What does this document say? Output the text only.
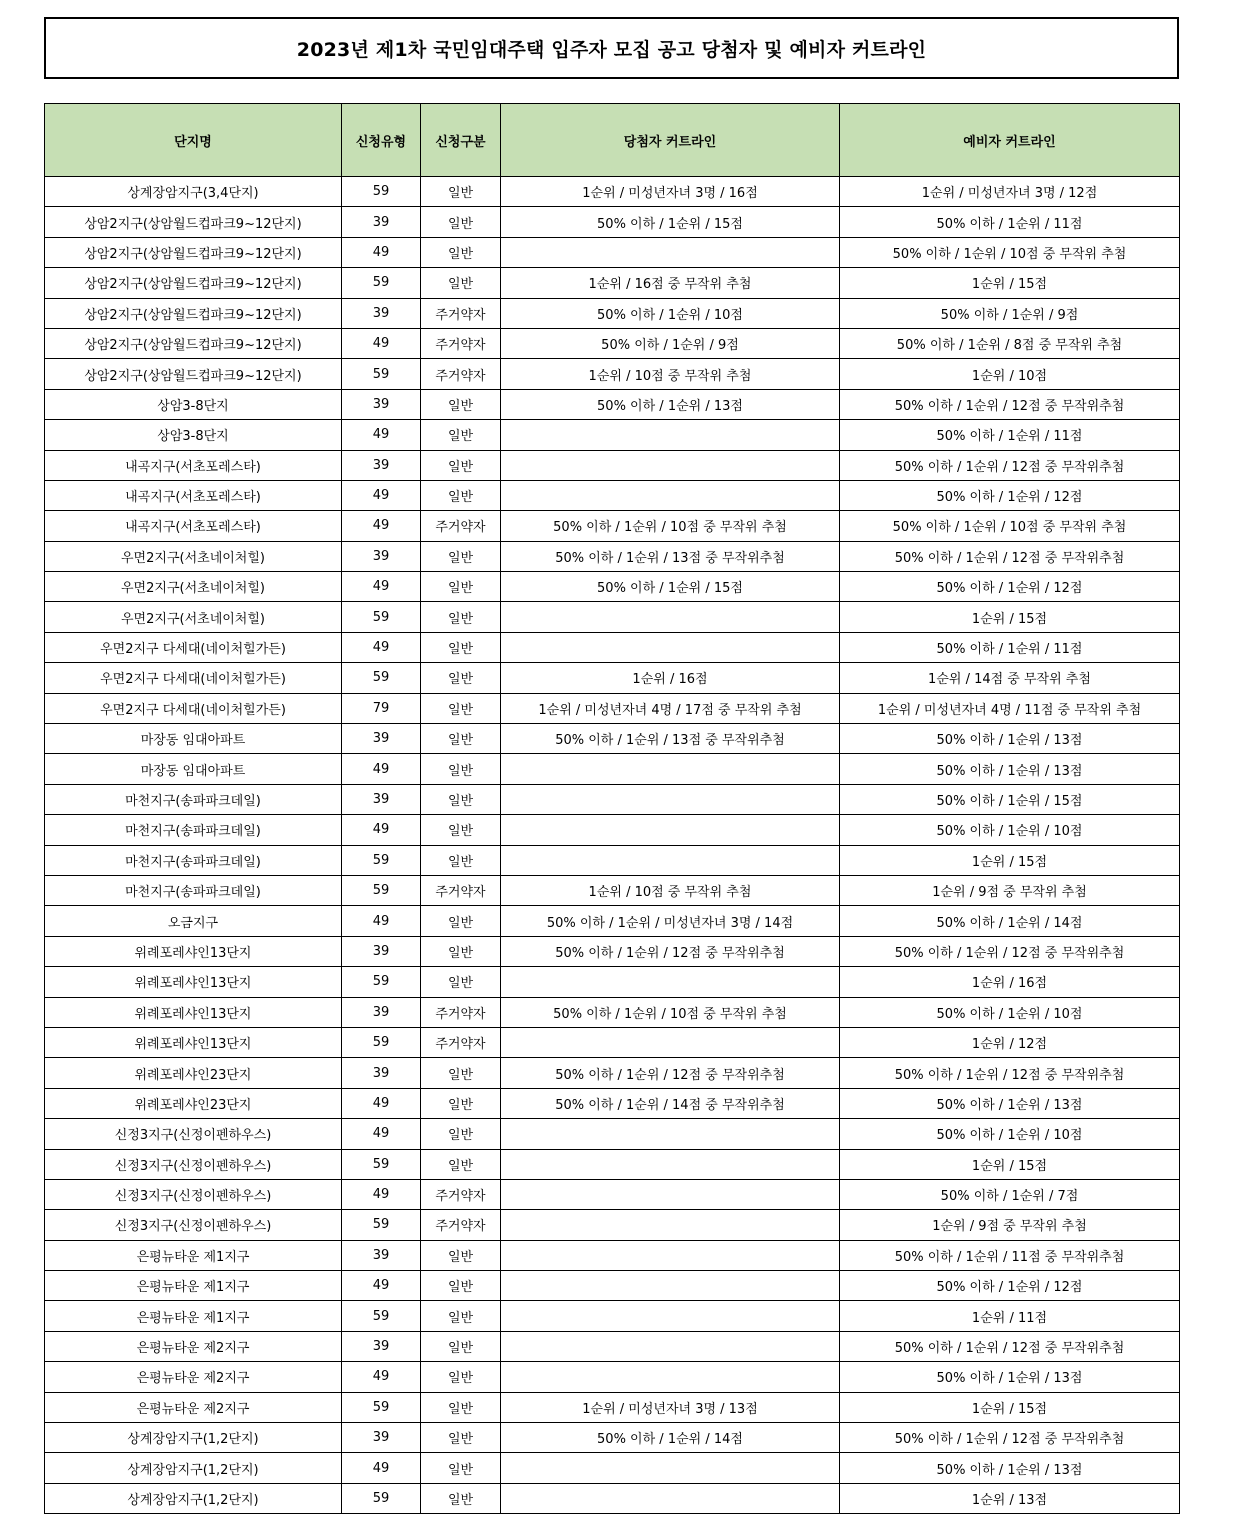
2023년 제1차 국민임대주택 입주자 모집 공고 당첨자 및 예비자 커트라인
단지명	신청유형	신청구분	당첨자 커트라인	예비자 커트라인
상계장암지구(3,4단지)	59	일반	1순위 / 미성년자녀 3명 / 16점	1순위 / 미성년자녀 3명 / 12점
상암2지구(상암월드컵파크9~12단지)	39	일반	50% 이하 / 1순위 / 15점	50% 이하 / 1순위 / 11점
상암2지구(상암월드컵파크9~12단지)	49	일반		50% 이하 / 1순위 / 10점 중 무작위 추첨
상암2지구(상암월드컵파크9~12단지)	59	일반	1순위 / 16점 중 무작위 추첨	1순위 / 15점
상암2지구(상암월드컵파크9~12단지)	39	주거약자	50% 이하 / 1순위 / 10점	50% 이하 / 1순위 / 9점
상암2지구(상암월드컵파크9~12단지)	49	주거약자	50% 이하 / 1순위 / 9점	50% 이하 / 1순위 / 8점 중 무작위 추첨
상암2지구(상암월드컵파크9~12단지)	59	주거약자	1순위 / 10점 중 무작위 추첨	1순위 / 10점
상암3-8단지	39	일반	50% 이하 / 1순위 / 13점	50% 이하 / 1순위 / 12점 중 무작위추첨
상암3-8단지	49	일반		50% 이하 / 1순위 / 11점
내곡지구(서초포레스타)	39	일반		50% 이하 / 1순위 / 12점 중 무작위추첨
내곡지구(서초포레스타)	49	일반		50% 이하 / 1순위 / 12점
내곡지구(서초포레스타)	49	주거약자	50% 이하 / 1순위 / 10점 중 무작위 추첨	50% 이하 / 1순위 / 10점 중 무작위 추첨
우면2지구(서초네이처힐)	39	일반	50% 이하 / 1순위 / 13점 중 무작위추첨	50% 이하 / 1순위 / 12점 중 무작위추첨
우면2지구(서초네이처힐)	49	일반	50% 이하 / 1순위 / 15점	50% 이하 / 1순위 / 12점
우면2지구(서초네이처힐)	59	일반		1순위 / 15점
우면2지구 다세대(네이처힐가든)	49	일반		50% 이하 / 1순위 / 11점
우면2지구 다세대(네이처힐가든)	59	일반	1순위 / 16점	1순위 / 14점 중 무작위 추첨
우면2지구 다세대(네이처힐가든)	79	일반	1순위 / 미성년자녀 4명 / 17점 중 무작위 추첨	1순위 / 미성년자녀 4명 / 11점 중 무작위 추첨
마장동 임대아파트	39	일반	50% 이하 / 1순위 / 13점 중 무작위추첨	50% 이하 / 1순위 / 13점
마장동 임대아파트	49	일반		50% 이하 / 1순위 / 13점
마천지구(송파파크데일)	39	일반		50% 이하 / 1순위 / 15점
마천지구(송파파크데일)	49	일반		50% 이하 / 1순위 / 10점
마천지구(송파파크데일)	59	일반		1순위 / 15점
마천지구(송파파크데일)	59	주거약자	1순위 / 10점 중 무작위 추첨	1순위 / 9점 중 무작위 추첨
오금지구	49	일반	50% 이하 / 1순위 / 미성년자녀 3명 / 14점	50% 이하 / 1순위 / 14점
위례포레샤인13단지	39	일반	50% 이하 / 1순위 / 12점 중 무작위추첨	50% 이하 / 1순위 / 12점 중 무작위추첨
위례포레샤인13단지	59	일반		1순위 / 16점
위례포레샤인13단지	39	주거약자	50% 이하 / 1순위 / 10점 중 무작위 추첨	50% 이하 / 1순위 / 10점
위례포레샤인13단지	59	주거약자		1순위 / 12점
위례포레샤인23단지	39	일반	50% 이하 / 1순위 / 12점 중 무작위추첨	50% 이하 / 1순위 / 12점 중 무작위추첨
위례포레샤인23단지	49	일반	50% 이하 / 1순위 / 14점 중 무작위추첨	50% 이하 / 1순위 / 13점
신정3지구(신정이펜하우스)	49	일반		50% 이하 / 1순위 / 10점
신정3지구(신정이펜하우스)	59	일반		1순위 / 15점
신정3지구(신정이펜하우스)	49	주거약자		50% 이하 / 1순위 / 7점
신정3지구(신정이펜하우스)	59	주거약자		1순위 / 9점 중 무작위 추첨
은평뉴타운 제1지구	39	일반		50% 이하 / 1순위 / 11점 중 무작위추첨
은평뉴타운 제1지구	49	일반		50% 이하 / 1순위 / 12점
은평뉴타운 제1지구	59	일반		1순위 / 11점
은평뉴타운 제2지구	39	일반		50% 이하 / 1순위 / 12점 중 무작위추첨
은평뉴타운 제2지구	49	일반		50% 이하 / 1순위 / 13점
은평뉴타운 제2지구	59	일반	1순위 / 미성년자녀 3명 / 13점	1순위 / 15점
상계장암지구(1,2단지)	39	일반	50% 이하 / 1순위 / 14점	50% 이하 / 1순위 / 12점 중 무작위추첨
상계장암지구(1,2단지)	49	일반		50% 이하 / 1순위 / 13점
상계장암지구(1,2단지)	59	일반		1순위 / 13점
